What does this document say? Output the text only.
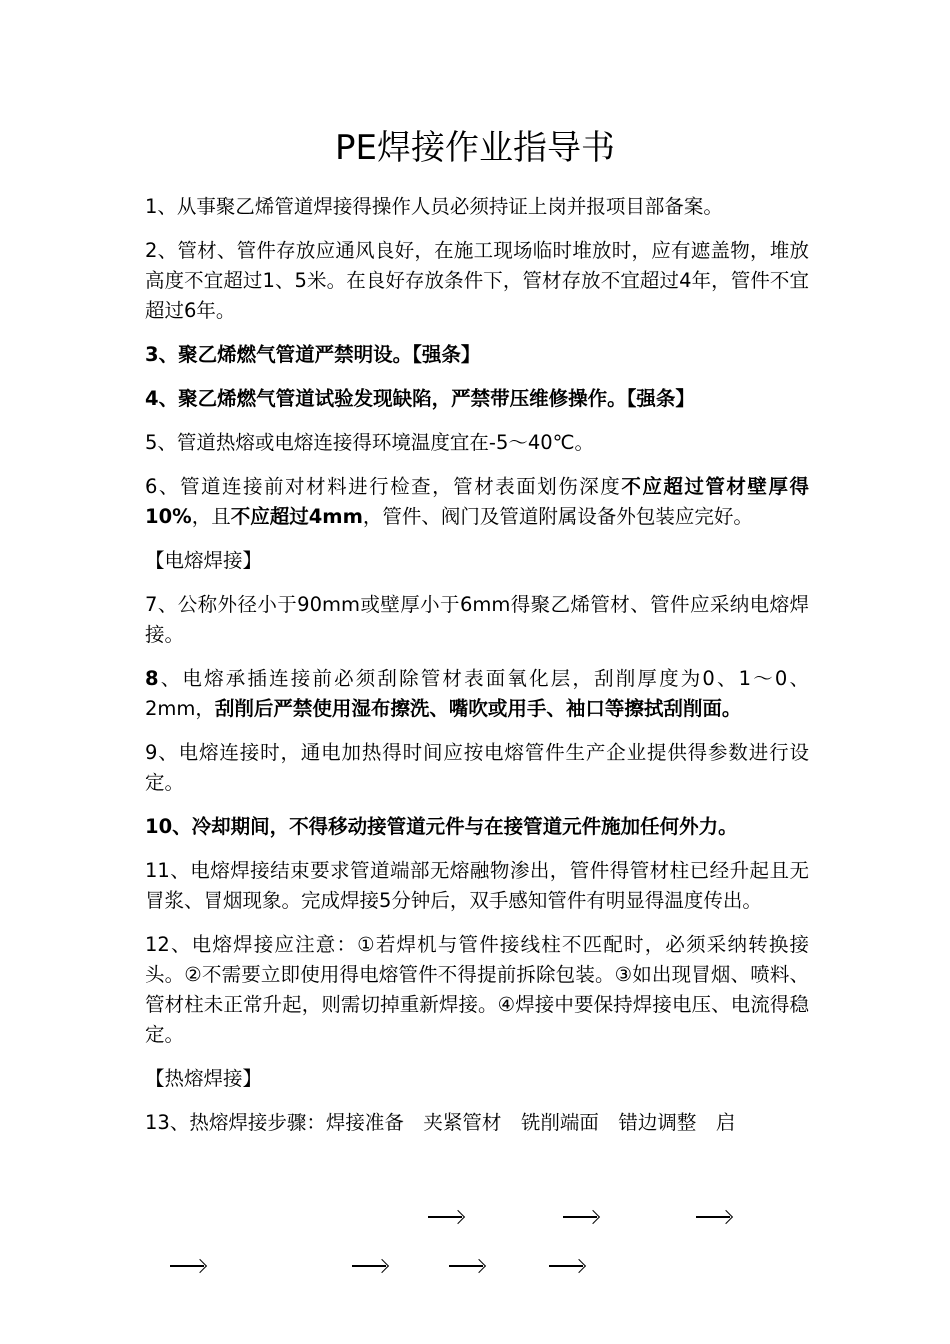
PE焊接作业指导书

1、从事聚乙烯管道焊接得操作人员必须持证上岗并报项目部备案。

2、管材、管件存放应通风良好，在施工现场临时堆放时，应有遮盖物，堆放高度不宜超过1、5米。在良好存放条件下，管材存放不宜超过4年，管件不宜超过6年。

3、聚乙烯燃气管道严禁明设。【强条】

4、聚乙烯燃气管道试验发现缺陷，严禁带压维修操作。【强条】

5、管道热熔或电熔连接得环境温度宜在-5～40℃。

6、管道连接前对材料进行检查，管材表面划伤深度不应超过管材壁厚得10%，且不应超过4mm，管件、阀门及管道附属设备外包装应完好。

【电熔焊接】

7、公称外径小于90mm或壁厚小于6mm得聚乙烯管材、管件应采纳电熔焊接。

8、电熔承插连接前必须刮除管材表面氧化层，刮削厚度为0、1～0、2mm，刮削后严禁使用湿布擦洗、嘴吹或用手、袖口等擦拭刮削面。

9、电熔连接时，通电加热得时间应按电熔管件生产企业提供得参数进行设定。

10、冷却期间，不得移动接管道元件与在接管道元件施加任何外力。

11、电熔焊接结束要求管道端部无熔融物渗出，管件得管材柱已经升起且无冒浆、冒烟现象。完成焊接5分钟后，双手感知管件有明显得温度传出。

12、电熔焊接应注意：①若焊机与管件接线柱不匹配时，必须采纳转换接头。②不需要立即使用得电熔管件不得提前拆除包装。③如出现冒烟、喷料、管材柱未正常升起，则需切掉重新焊接。④焊接中要保持焊接电压、电流得稳定。

【热熔焊接】

13、热熔焊接步骤：焊接准备　夹紧管材　铣削端面　错边调整　启
